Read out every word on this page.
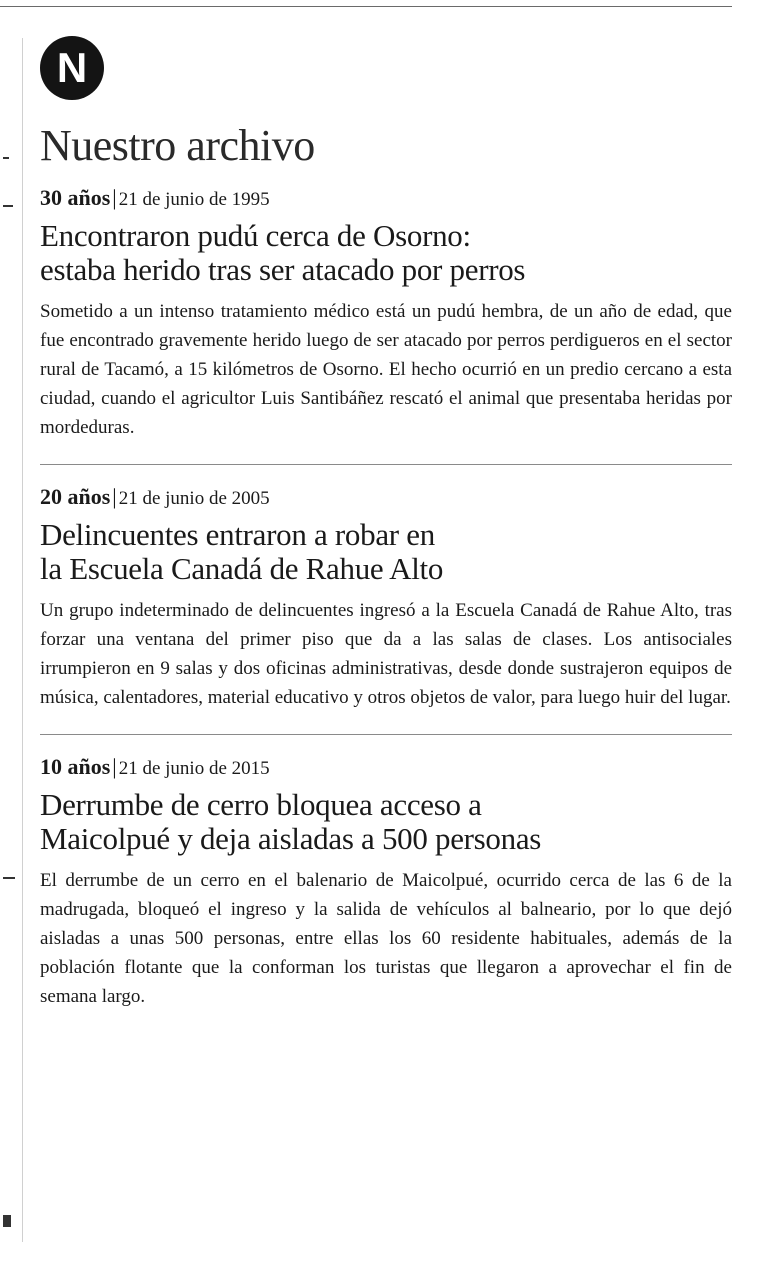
N
Nuestro archivo
30 años| 21 de junio de 1995
Encontraron pudú cerca de Osorno:
estaba herido tras ser atacado por perros

Sometido a un intenso tratamiento médico está un pudú hembra, de un año de edad, que fue encontrado gravemente herido luego de ser atacado por perros perdigueros en el sector rural de Tacamó, a 15 kilómetros de Osorno. El hecho ocurrió en un predio cercano a esta ciudad, cuando el agricultor Luis Santibáñez rescató el animal que presentaba heridas por mordeduras.

20 años| 21 de junio de 2005
Delincuentes entraron a robar en
la Escuela Canadá de Rahue Alto

Un grupo indeterminado de delincuentes ingresó a la Escuela Canadá de Rahue Alto, tras forzar una ventana del primer piso que da a las salas de clases. Los antisociales irrumpieron en 9 salas y dos oficinas administrativas, desde donde sustrajeron equipos de música, calentadores, material educativo y otros objetos de valor, para luego huir del lugar.

10 años| 21 de junio de 2015
Derrumbe de cerro bloquea acceso a
Maicolpué y deja aisladas a 500 personas

El derrumbe de un cerro en el balenario de Maicolpué, ocurrido cerca de las 6 de la madrugada, bloqueó el ingreso y la salida de vehículos al balneario, por lo que dejó aisladas a unas 500 personas, entre ellas los 60 residente habituales, además de la población flotante que la conforman los turistas que llegaron a aprovechar el fin de semana largo.
